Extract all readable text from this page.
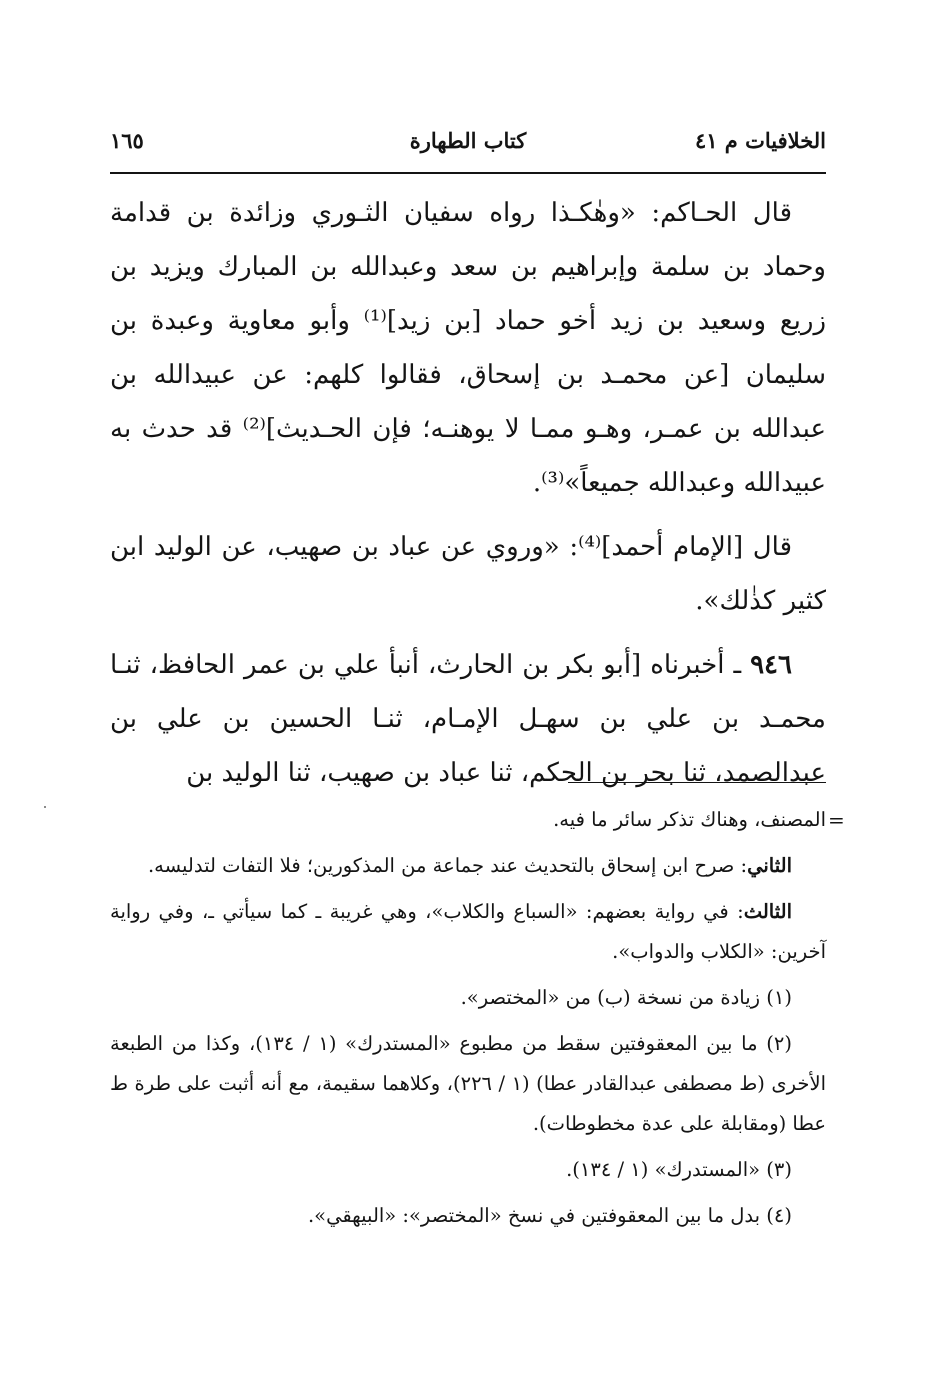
الخلافيات م ٤١
كتاب الطهارة
١٦٥

قال الحـاكم: «وهٰكـذا رواه سفيان الثـوري وزائدة بن قدامة وحماد بن سلمة وإبراهيم بن سعد وعبدالله بن المبارك ويزيد بن زريع وسعيد بن زيد أخو حماد [بن زيد]⁽¹⁾ وأبو معاوية وعبدة بن سليمان [عن محمـد بن إسحاق، فقالوا كلهم: عن عبيدالله بن عبدالله بن عمـر، وهـو ممـا لا يوهنـه؛ فإن الحـديث]⁽²⁾ قد حدث به عبيدالله وعبدالله جميعاً»⁽³⁾.

قال [الإمام أحمد]⁽⁴⁾: «وروي عن عباد بن صهيب، عن الوليد ابن كثير كذٰلك».

٩٤٦ ـ أخبرناه [أبو بكر بن الحارث، أنبأ علي بن عمر الحافظ، ثنـا محمـد بن علي بن سهـل الإمـام، ثنـا الحسين بن علي بن عبدالصمد، ثنا بحر بن الحكم، ثنا عباد بن صهيب، ثنا الوليد بن

المصنف، وهناك تذكر سائر ما فيه.

الثاني: صرح ابن إسحاق بالتحديث عند جماعة من المذكورين؛ فلا التفات لتدليسه.

الثالث: في رواية بعضهم: «السباع والكلاب»، وهي غريبة ـ كما سيأتي ـ، وفي رواية آخرين: «الكلاب والدواب».

(١) زيادة من نسخة (ب) من «المختصر».

(٢) ما بين المعقوفتين سقط من مطبوع «المستدرك» (١ / ١٣٤)، وكذا من الطبعة الأخرى (ط مصطفى عبدالقادر عطا) (١ / ٢٢٦)، وكلاهما سقيمة، مع أنه أثبت على طرة ط عطا (ومقابلة على عدة مخطوطات).

(٣) «المستدرك» (١ / ١٣٤).

(٤) بدل ما بين المعقوفتين في نسخ «المختصر»: «البيهقي».

=
